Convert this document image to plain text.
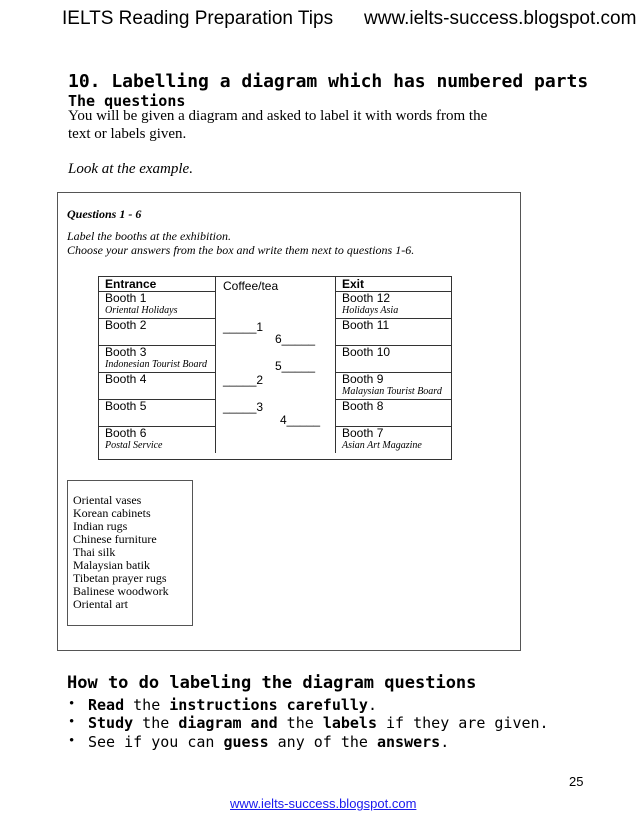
IELTS Reading Preparation Tips www.ielts-success.blogspot.com
10. Labelling a diagram which has numbered parts
The questions
You will be given a diagram and asked to label it with words from the
text or labels given.
Look at the example.
Questions 1 - 6
Label the booths at the exhibition.
Choose your answers from the box and write them next to questions 1-6.
Entrance
Booth 1
Oriental Holidays
Booth 2
Booth 3
Indonesian Tourist Board
Booth 4
Booth 5
Booth 6
Postal Service
Coffee/tea
_____1
6_____
5_____
_____2
_____3
4_____
Exit
Booth 12
Holidays Asia
Booth 11
Booth 10
Booth 9
Malaysian Tourist Board
Booth 8
Booth 7
Asian Art Magazine
Oriental vases
Korean cabinets
Indian rugs
Chinese furniture
Thai silk
Malaysian batik
Tibetan prayer rugs
Balinese woodwork
Oriental art
How to do labeling the diagram questions
• Read the instructions carefully.
• Study the diagram and the labels if they are given.
• See if you can guess any of the answers.
25
www.ielts-success.blogspot.com
